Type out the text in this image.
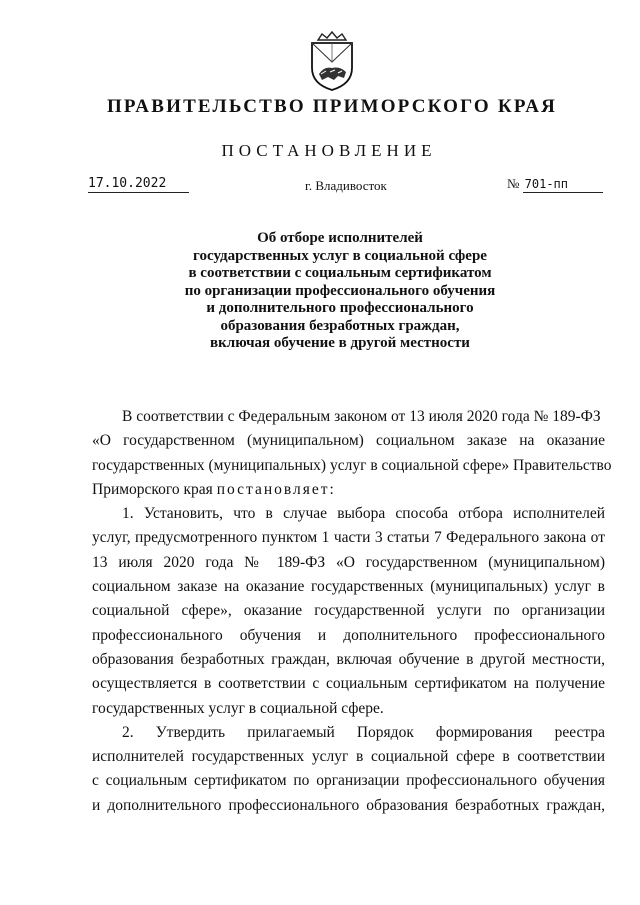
ПРАВИТЕЛЬСТВО ПРИМОРСКОГО КРАЯ
ПОСТАНОВЛЕНИЕ
17.10.2022	г. Владивосток	№ 701-пп
Об отборе исполнителей
государственных услуг в социальной сфере
в соответствии с социальным сертификатом
по организации профессионального обучения
и дополнительного профессионального
образования безработных граждан,
включая обучение в другой местности
В соответствии с Федеральным законом от 13 июля 2020 года № 189-ФЗ
«О государственном (муниципальном) социальном заказе на оказание
государственных (муниципальных) услуг в социальной сфере» Правительство
Приморского края постановляет:
1. Установить, что в случае выбора способа отбора исполнителей
услуг, предусмотренного пунктом 1 части 3 статьи 7 Федерального закона от
13 июля 2020 года № 189-ФЗ «О государственном (муниципальном)
социальном заказе на оказание государственных (муниципальных) услуг в
социальной сфере», оказание государственной услуги по организации
профессионального обучения и дополнительного профессионального
образования безработных граждан, включая обучение в другой местности,
осуществляется в соответствии с социальным сертификатом на получение
государственных услуг в социальной сфере.
2. Утвердить прилагаемый Порядок формирования реестра
исполнителей государственных услуг в социальной сфере в соответствии
с социальным сертификатом по организации профессионального обучения
и дополнительного профессионального образования безработных граждан,
